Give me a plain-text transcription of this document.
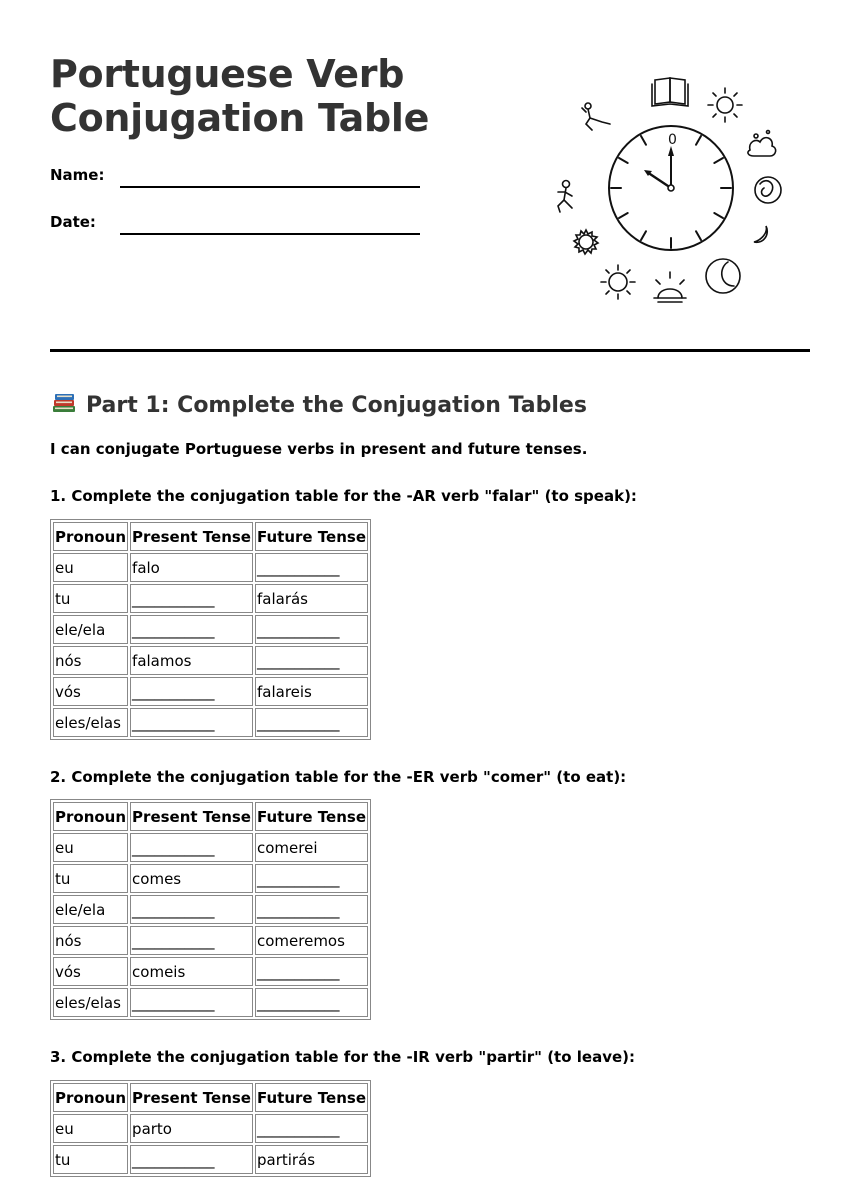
Portuguese Verb
Conjugation Table
Name:
Date:
0
Part 1: Complete the Conjugation Tables
I can conjugate Portuguese verbs in present and future tenses.
1. Complete the conjugation table for the -AR verb "falar" (to speak):
Pronoun	Present Tense	Future Tense
eu	falo	___________
tu	___________	falarás
ele/ela	___________	___________
nós	falamos	___________
vós	___________	falareis
eles/elas	___________	___________
2. Complete the conjugation table for the -ER verb "comer" (to eat):
Pronoun	Present Tense	Future Tense
eu	___________	comerei
tu	comes	___________
ele/ela	___________	___________
nós	___________	comeremos
vós	comeis	___________
eles/elas	___________	___________
3. Complete the conjugation table for the -IR verb "partir" (to leave):
Pronoun	Present Tense	Future Tense
eu	parto	___________
tu	___________	partirás
